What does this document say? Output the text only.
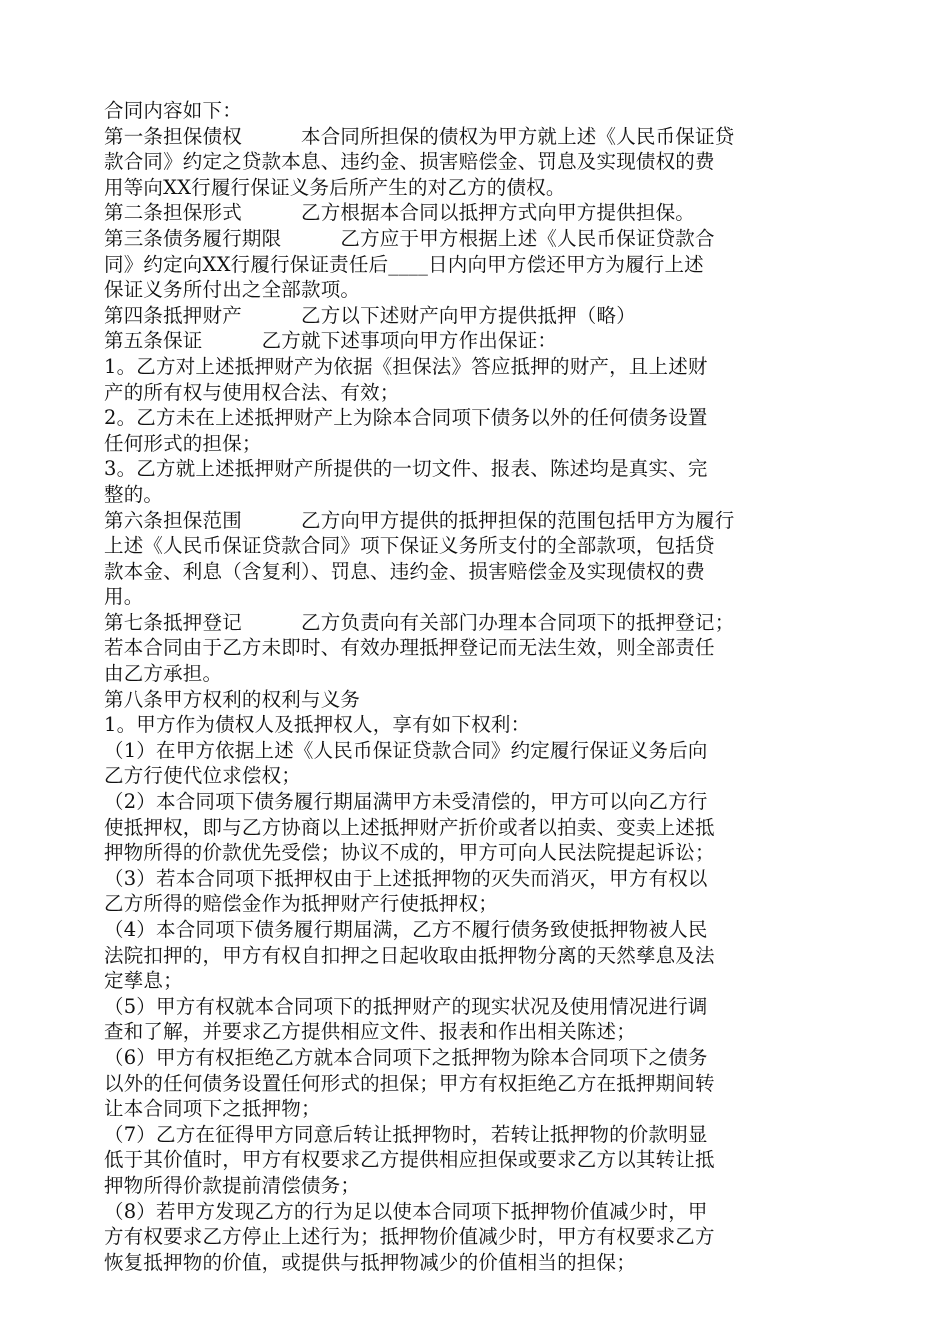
合同内容如下：
第一条担保债权　　　本合同所担保的债权为甲方就上述《人民币保证贷
款合同》约定之贷款本息、违约金、损害赔偿金、罚息及实现债权的费
用等向XX行履行保证义务后所产生的对乙方的债权。
第二条担保形式　　　乙方根据本合同以抵押方式向甲方提供担保。
第三条债务履行期限　　　乙方应于甲方根据上述《人民币保证贷款合
同》约定向XX行履行保证责任后____日内向甲方偿还甲方为履行上述
保证义务所付出之全部款项。
第四条抵押财产　　　乙方以下述财产向甲方提供抵押（略）
第五条保证　　　乙方就下述事项向甲方作出保证：
1。乙方对上述抵押财产为依据《担保法》答应抵押的财产，且上述财
产的所有权与使用权合法、有效；
2。乙方未在上述抵押财产上为除本合同项下债务以外的任何债务设置
任何形式的担保；
3。乙方就上述抵押财产所提供的一切文件、报表、陈述均是真实、完
整的。
第六条担保范围　　　乙方向甲方提供的抵押担保的范围包括甲方为履行
上述《人民币保证贷款合同》项下保证义务所支付的全部款项，包括贷
款本金、利息（含复利）、罚息、违约金、损害赔偿金及实现债权的费
用。
第七条抵押登记　　　乙方负责向有关部门办理本合同项下的抵押登记；
若本合同由于乙方未即时、有效办理抵押登记而无法生效，则全部责任
由乙方承担。
第八条甲方权利的权利与义务
1。甲方作为债权人及抵押权人，享有如下权利：
（1）在甲方依据上述《人民币保证贷款合同》约定履行保证义务后向
乙方行使代位求偿权；
（2）本合同项下债务履行期届满甲方未受清偿的，甲方可以向乙方行
使抵押权，即与乙方协商以上述抵押财产折价或者以拍卖、变卖上述抵
押物所得的价款优先受偿；协议不成的，甲方可向人民法院提起诉讼；
（3）若本合同项下抵押权由于上述抵押物的灭失而消灭，甲方有权以
乙方所得的赔偿金作为抵押财产行使抵押权；
（4）本合同项下债务履行期届满，乙方不履行债务致使抵押物被人民
法院扣押的，甲方有权自扣押之日起收取由抵押物分离的天然孳息及法
定孳息；
（5）甲方有权就本合同项下的抵押财产的现实状况及使用情况进行调
查和了解，并要求乙方提供相应文件、报表和作出相关陈述；
（6）甲方有权拒绝乙方就本合同项下之抵押物为除本合同项下之债务
以外的任何债务设置任何形式的担保；甲方有权拒绝乙方在抵押期间转
让本合同项下之抵押物；
（7）乙方在征得甲方同意后转让抵押物时，若转让抵押物的价款明显
低于其价值时，甲方有权要求乙方提供相应担保或要求乙方以其转让抵
押物所得价款提前清偿债务；
（8）若甲方发现乙方的行为足以使本合同项下抵押物价值减少时，甲
方有权要求乙方停止上述行为；抵押物价值减少时，甲方有权要求乙方
恢复抵押物的价值，或提供与抵押物减少的价值相当的担保；
